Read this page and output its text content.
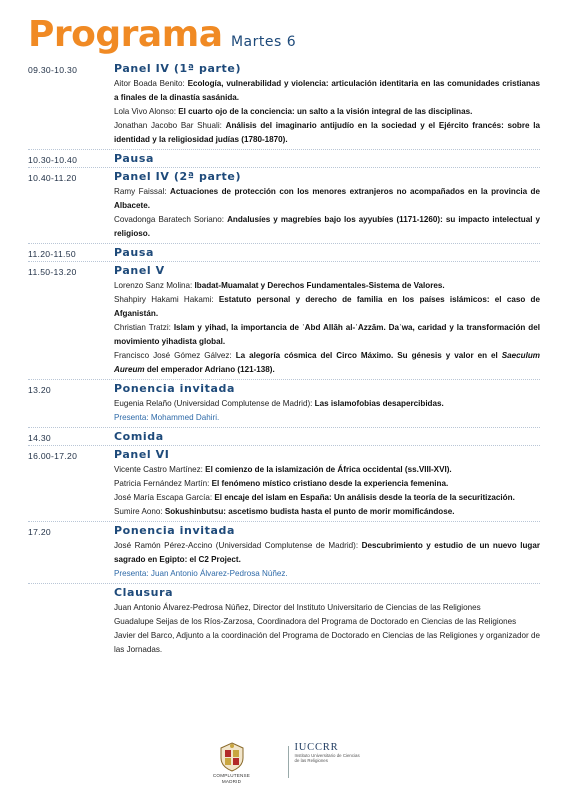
Programa Martes 6
09.30-10.30	Panel IV (1ª parte)
Aitor Boada Benito: Ecología, vulnerabilidad y violencia: articulación identitaria en las comunidades cristianas a finales de la dinastía sasánida.
Lola Vivo Alonso: El cuarto ojo de la conciencia: un salto a la visión integral de las disciplinas.
Jonathan Jacobo Bar Shuali: Análisis del imaginario antijudío en la sociedad y el Ejército francés: sobre la identidad y la religiosidad judías (1780-1870).
10.30-10.40	Pausa
10.40-11.20	Panel IV (2ª parte)
Ramy Faissal: Actuaciones de protección con los menores extranjeros no acompañados en la provincia de Albacete.
Covadonga Baratech Soriano: Andalusíes y magrebíes bajo los ayyubíes (1171-1260): su impacto intelectual y religioso.
11.20-11.50	Pausa
11.50-13.20	Panel V
Lorenzo Sanz Molina: Ibadat-Muamalat y Derechos Fundamentales-Sistema de Valores.
Shahpiry Hakami Hakami: Estatuto personal y derecho de familia en los países islámicos: el caso de Afganistán.
Christian Tratzi: Islam y yihad, la importancia de ʿAbd Allāh al-ʿAzzām. Daʿwa, caridad y la transformación del movimiento yihadista global.
Francisco José Gómez Gálvez: La alegoría cósmica del Circo Máximo. Su génesis y valor en el Saeculum Aureum del emperador Adriano (121-138).
13.20	Ponencia invitada
Eugenia Relaño (Universidad Complutense de Madrid): Las islamofobias desapercibidas.
Presenta: Mohammed Dahiri.
14.30	Comida
16.00-17.20	Panel VI
Vicente Castro Martínez: El comienzo de la islamización de África occidental (ss.VIII-XVI).
Patricia Fernández Martín: El fenómeno místico cristiano desde la experiencia femenina.
José María Escapa García: El encaje del islam en España: Un análisis desde la teoría de la securitización.
Sumire Aono: Sokushinbutsu: ascetismo budista hasta el punto de morir momificándose.
17.20	Ponencia invitada
José Ramón Pérez-Accino (Universidad Complutense de Madrid): Descubrimiento y estudio de un nuevo lugar sagrado en Egipto: el C2 Project.
Presenta: Juan Antonio Álvarez-Pedrosa Núñez.
Clausura
Juan Antonio Álvarez-Pedrosa Núñez, Director del Instituto Universitario de Ciencias de las Religiones
Guadalupe Seijas de los Ríos-Zarzosa, Coordinadora del Programa de Doctorado en Ciencias de las Religiones
Javier del Barco, Adjunto a la coordinación del Programa de Doctorado en Ciencias de las Religiones y organizador de las Jornadas.
COMPLUTENSE
MADRID
IUCCRR
Instituto Universitario de Ciencias de las Religiones
